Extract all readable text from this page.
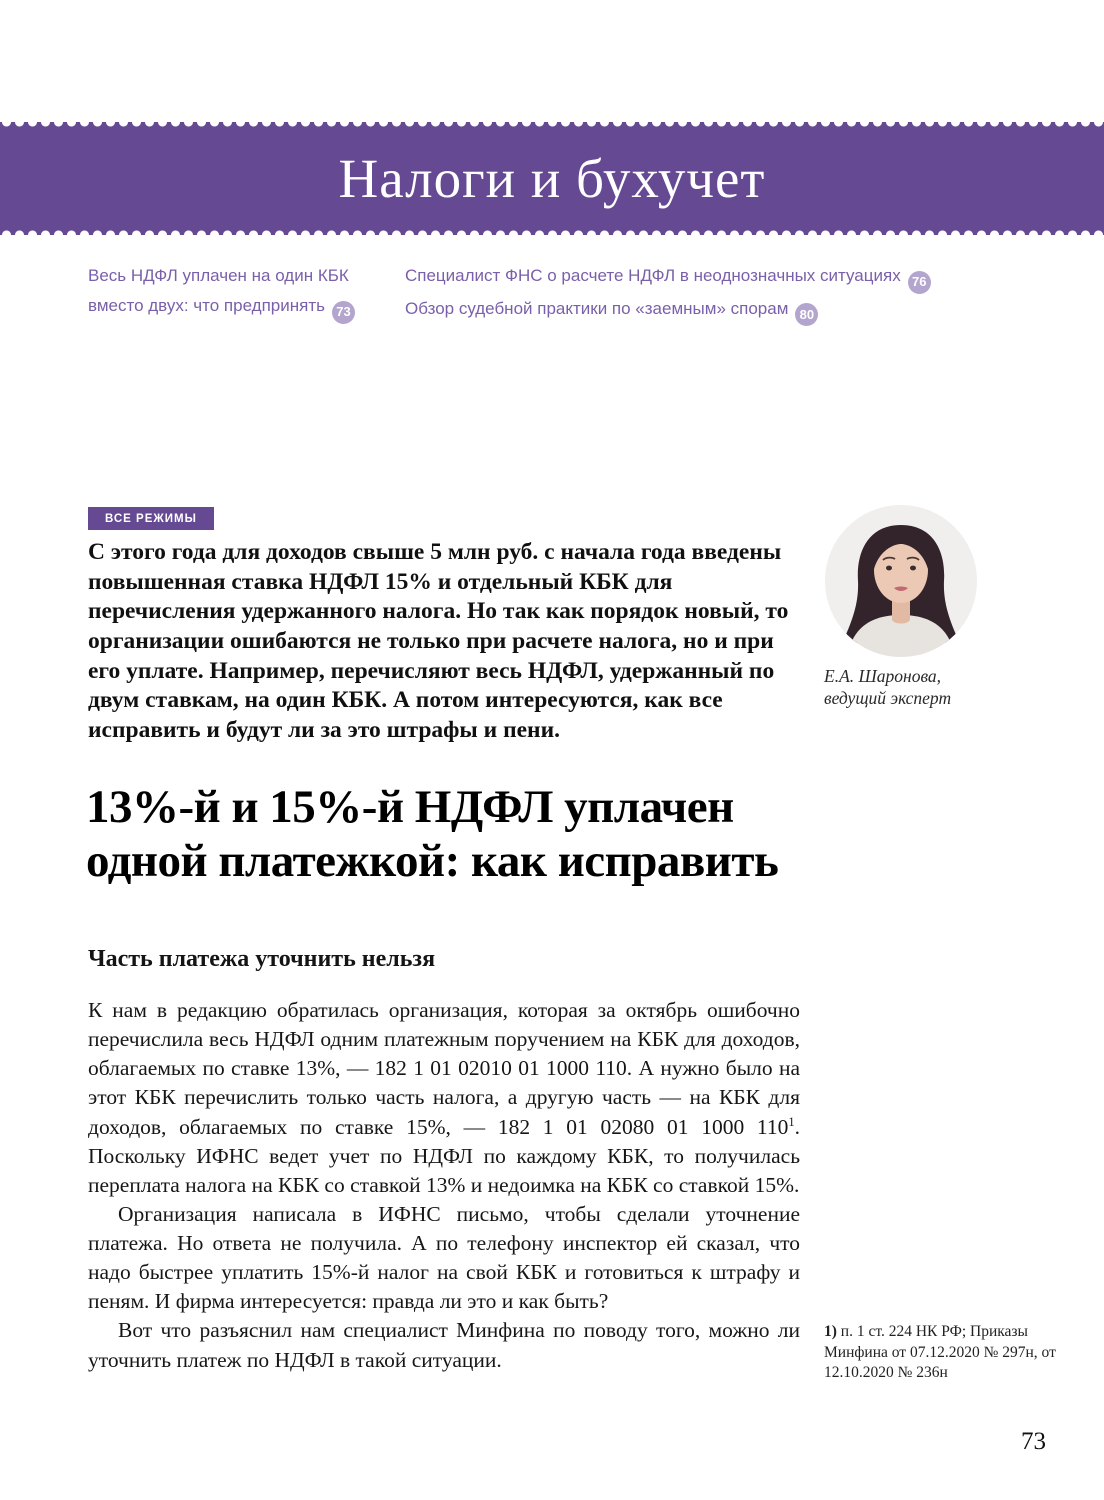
Налоги и бухучет
Весь НДФЛ уплачен на один КБК вместо двух: что предпринять 73
Специалист ФНС о расчете НДФЛ в неоднозначных ситуациях 76
Обзор судебной практики по «заемным» спорам 80
ВСЕ РЕЖИМЫ
С этого года для доходов свыше 5 млн руб. с начала года введены повышенная ставка НДФЛ 15% и отдельный КБК для перечисления удержанного налога. Но так как порядок новый, то организации ошибаются не только при расчете налога, но и при его уплате. Например, перечисляют весь НДФЛ, удержанный по двум ставкам, на один КБК. А потом интересуются, как все исправить и будут ли за это штрафы и пени.
Е.А. Шаронова,
ведущий эксперт
13%-й и 15%-й НДФЛ уплачен
одной платежкой: как исправить
Часть платежа уточнить нельзя

К нам в редакцию обратилась организация, которая за октябрь ошибочно перечислила весь НДФЛ одним платежным поручением на КБК для доходов, облагаемых по ставке 13%, — 182 1 01 02010 01 1000 110. А нужно было на этот КБК перечислить только часть налога, а другую часть — на КБК для доходов, облагаемых по ставке 15%, — 182 1 01 02080 01 1000 $110^1$. Поскольку ИФНС ведет учет по НДФЛ по каждому КБК, то получилась переплата налога на КБК со ставкой 13% и недоимка на КБК со ставкой 15%.

Организация написала в ИФНС письмо, чтобы сделали уточнение платежа. Но ответа не получила. А по телефону инспектор ей сказал, что надо быстрее уплатить 15%-й налог на свой КБК и готовиться к штрафу и пеням. И фирма интересуется: правда ли это и как быть?

Вот что разъяснил нам специалист Минфина по поводу того, можно ли уточнить платеж по НДФЛ в такой ситуации.

1) п. 1 ст. 224 НК РФ; Приказы Минфина от 07.12.2020 № 297н, от 12.10.2020 № 236н
73
